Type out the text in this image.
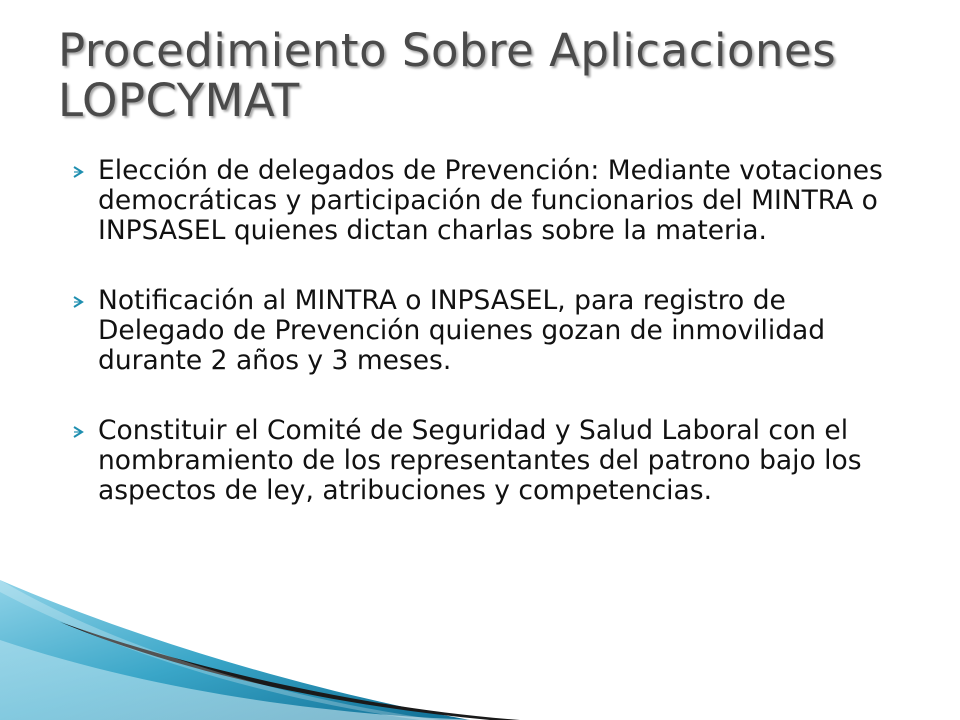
Procedimiento Sobre Aplicaciones LOPCYMAT
Elección de delegados de Prevención: Mediante votaciones democráticas y participación de funcionarios del MINTRA o INPSASEL quienes dictan charlas sobre la materia.
Notificación al MINTRA o INPSASEL, para registro de Delegado de Prevención quienes gozan de inmovilidad durante 2 años y 3 meses.
Constituir el Comité de Seguridad y Salud Laboral con el nombramiento de los representantes del patrono bajo los aspectos de ley, atribuciones y competencias.
